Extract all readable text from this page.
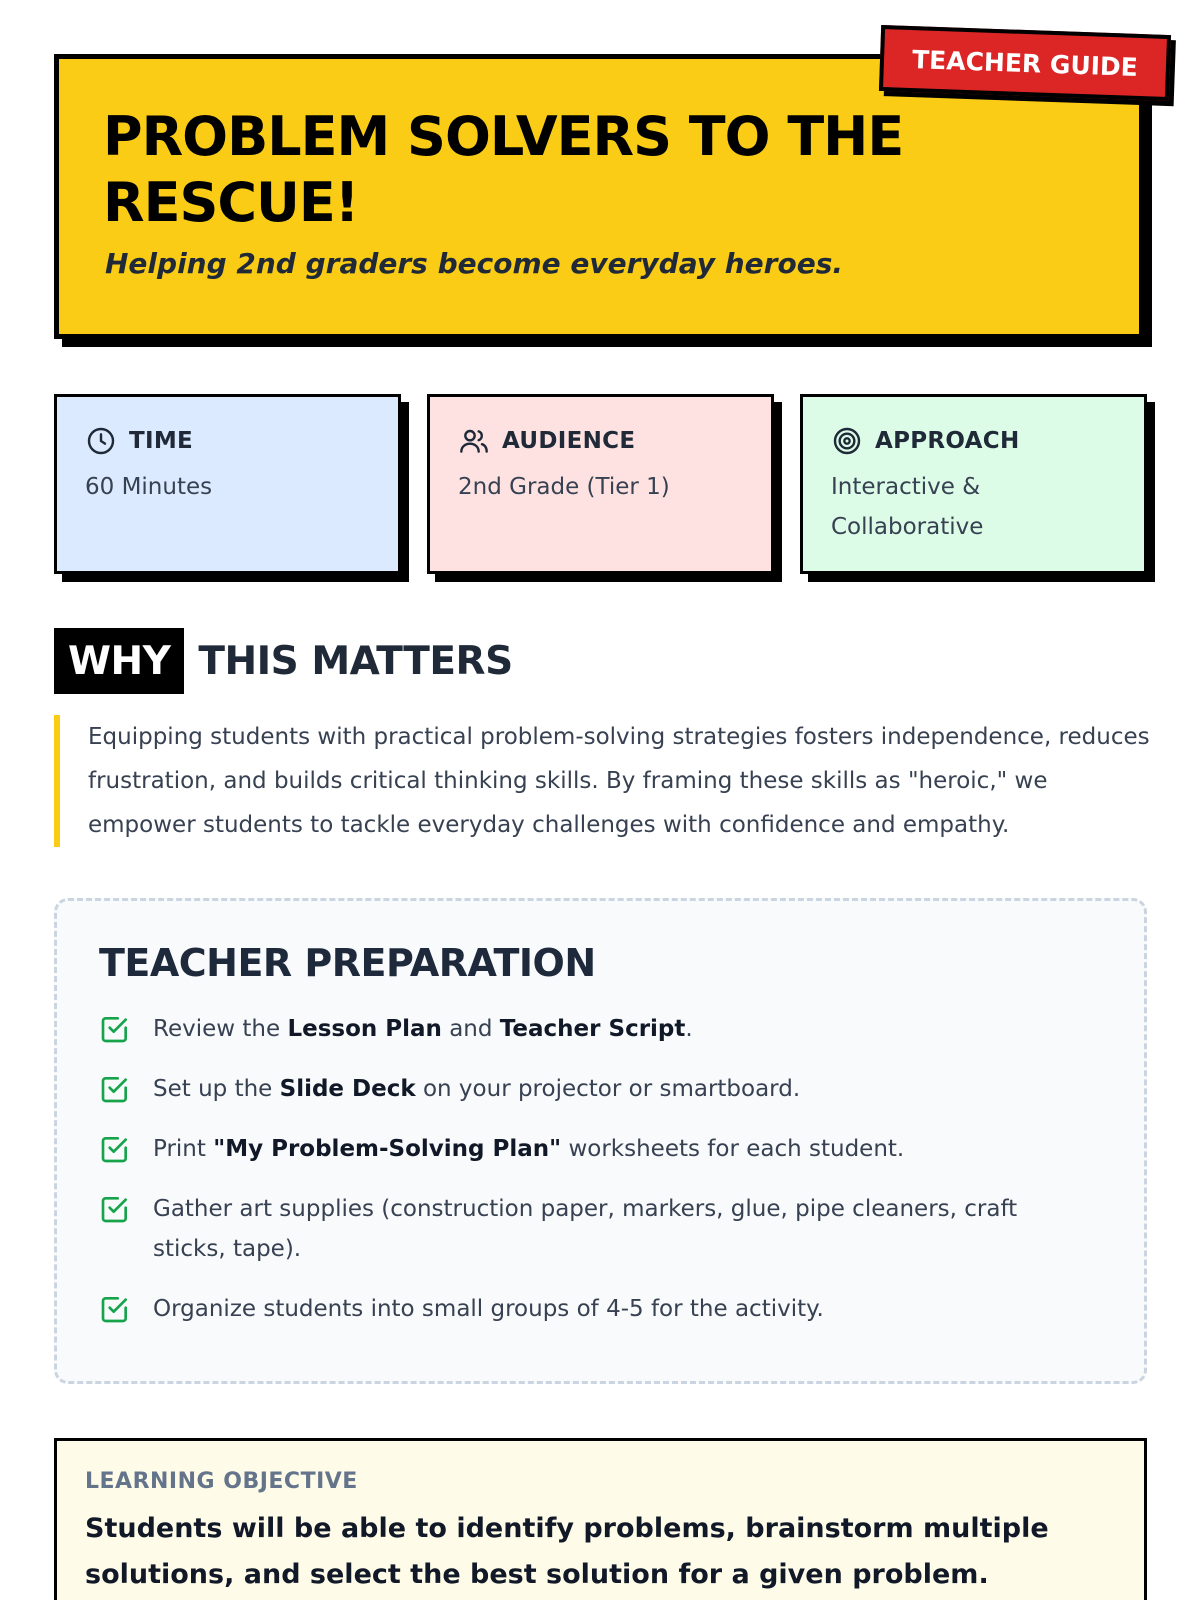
PROBLEM SOLVERS TO THE RESCUE!
Helping 2nd graders become everyday heroes.
TEACHER GUIDE
TIME
60 Minutes
AUDIENCE
2nd Grade (Tier 1)
APPROACH
Interactive & Collaborative
WHY THIS MATTERS
Equipping students with practical problem-solving strategies fosters independence, reduces frustration, and builds critical thinking skills. By framing these skills as "heroic," we empower students to tackle everyday challenges with confidence and empathy.
TEACHER PREPARATION
Review the Lesson Plan and Teacher Script.
Set up the Slide Deck on your projector or smartboard.
Print "My Problem-Solving Plan" worksheets for each student.
Gather art supplies (construction paper, markers, glue, pipe cleaners, craft sticks, tape).
Organize students into small groups of 4-5 for the activity.
LEARNING OBJECTIVE
Students will be able to identify problems, brainstorm multiple solutions, and select the best solution for a given problem.
